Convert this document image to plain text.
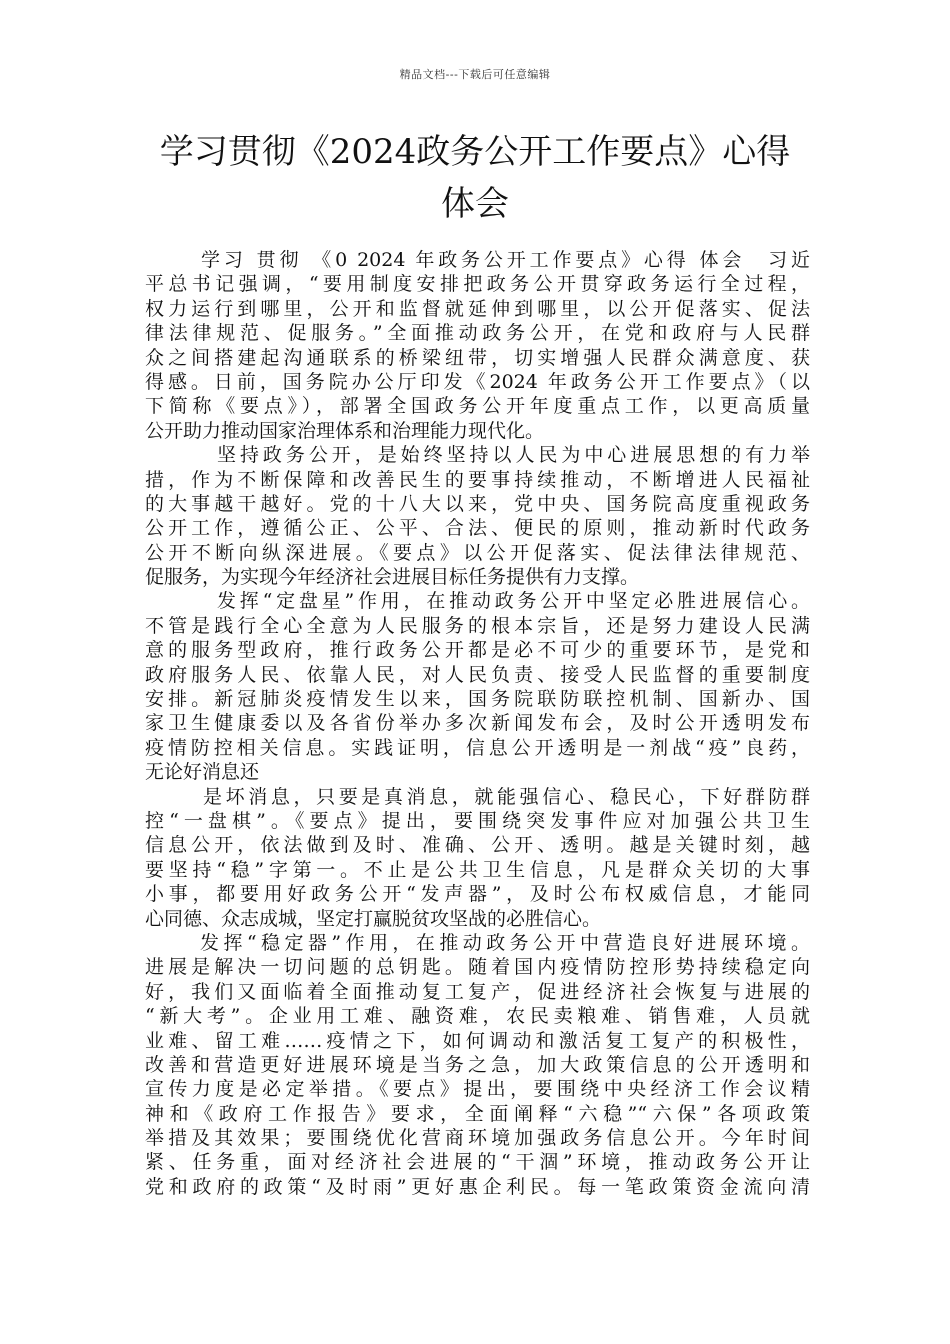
精品文档---下载后可任意编辑
学习贯彻《2024政务公开工作要点》心得
体会
学习 贯彻 《0 2024 年政务公开工作要点》心得 体会　习近
平总书记强调，“要用制度安排把政务公开贯穿政务运行全过程，
权力运行到哪里，公开和监督就延伸到哪里，以公开促落实、促法
律法律规范、促服务。”全面推动政务公开，在党和政府与人民群
众之间搭建起沟通联系的桥梁纽带，切实增强人民群众满意度、获
得感。日前，国务院办公厅印发《2024 年政务公开工作要点》（以
下简称《要点》），部署全国政务公开年度重点工作，以更高质量
公开助力推动国家治理体系和治理能力现代化。
坚持政务公开，是始终坚持以人民为中心进展思想的有力举
措，作为不断保障和改善民生的要事持续推动，不断增进人民福祉
的大事越干越好。党的十八大以来，党中央、国务院高度重视政务
公开工作，遵循公正、公平、合法、便民的原则，推动新时代政务
公开不断向纵深进展。《要点》以公开促落实、促法律法律规范、
促服务，为实现今年经济社会进展目标任务提供有力支撑。
发挥“定盘星”作用，在推动政务公开中坚定必胜进展信心。
不管是践行全心全意为人民服务的根本宗旨，还是努力建设人民满
意的服务型政府，推行政务公开都是必不可少的重要环节，是党和
政府服务人民、依靠人民，对人民负责、接受人民监督的重要制度
安排。新冠肺炎疫情发生以来，国务院联防联控机制、国新办、国
家卫生健康委以及各省份举办多次新闻发布会，及时公开透明发布
疫情防控相关信息。实践证明，信息公开透明是一剂战“疫”良药，
无论好消息还
是坏消息，只要是真消息，就能强信心、稳民心，下好群防群
控“一盘棋”。《要点》提出，要围绕突发事件应对加强公共卫生
信息公开，依法做到及时、准确、公开、透明。越是关键时刻，越
要坚持“稳”字第一。不止是公共卫生信息，凡是群众关切的大事
小事，都要用好政务公开“发声器”，及时公布权威信息，才能同
心同德、众志成城，坚定打赢脱贫攻坚战的必胜信心。
发挥“稳定器”作用，在推动政务公开中营造良好进展环境。
进展是解决一切问题的总钥匙。随着国内疫情防控形势持续稳定向
好，我们又面临着全面推动复工复产，促进经济社会恢复与进展的
“新大考”。企业用工难、融资难，农民卖粮难、销售难，人员就
业难、留工难……疫情之下，如何调动和激活复工复产的积极性，
改善和营造更好进展环境是当务之急，加大政策信息的公开透明和
宣传力度是必定举措。《要点》提出，要围绕中央经济工作会议精
神和《政府工作报告》要求，全面阐释“六稳”“六保”各项政策
举措及其效果；要围绕优化营商环境加强政务信息公开。今年时间
紧、任务重，面对经济社会进展的“干涸”环境，推动政务公开让
党和政府的政策“及时雨”更好惠企利民。每一笔政策资金流向清
